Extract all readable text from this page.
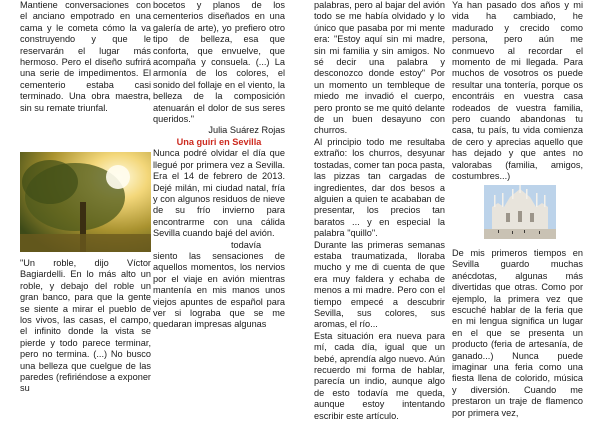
Mantiene conversaciones con el anciano empotrado en una cama y le cometa cómo la va construyendo y que le reservarán el lugar más hermoso. Pero el diseño sufrirá una serie de impedimentos. El cementerio estaba casi terminado. Una obra maestra, sin su remate triunfal.

"Un roble, dijo Víctor Bagiardelli. En lo más alto un roble, y debajo del roble un gran banco, para que la gente se siente a mirar el pueblo de los vivos, las casas, el campo, el infinito donde la vista se pierde y todo parece terminar, pero no termina. (...) No busco una belleza que cuelgue de las paredes (refiriéndose a exponer su

bocetos y planos de los cementerios diseñados en una galería de arte), yo prefiero otro tipo de belleza, esa que conforta, que envuelve, que acompaña y consuela. (...) La armonía de los colores, el sonido del follaje en el viento, la belleza de la composición atenuarán el dolor de sus seres queridos."

Julia Suárez Rojas

Una guiri en Sevilla

Nunca podré olvidar el día que llegué por primera vez a Sevilla. Era el 14 de febrero de 2013. Dejé milán, mi ciudad natal, fría y con algunos residuos de nieve de su frío invierno para encontrarme con una cálida Sevilla cuando bajé del avión.

todavía siento las sensaciones de aquellos momentos, los nervios por el viaje en avión mientras mantenía en mis manos unos viejos apuntes de español para ver si lograba que se me quedaran impresas algunas

palabras, pero al bajar del avión todo se me había olvidado y lo único que pasaba por mi mente era: "Estoy aquí sin mi madre, sin mi familia y sin amigos. No sé decir una palabra y desconozco donde estoy" Por un momento un tembleque de miedo me invadió el cuerpo, pero pronto se me quitó delante de un buen desayuno con churros.

Al principio todo me resultaba extraño: los churros, desyunar tostadas, comer tan poca pasta, las pizzas tan cargadas de ingredientes, dar dos besos a alguien a quien te acababan de presentar, los precios tan baratos ... y en especial la palabra "quillo".

Durante las primeras semanas estaba traumatizada, lloraba mucho y me di cuenta de que era muy faldera y echaba de menos a mi madre. Pero con el tiempo empecé a descubrir Sevilla, sus colores, sus aromas, el río...

Esta situación era nueva para mí, cada día, igual que un bebé, aprendía algo nuevo. Aún recuerdo mi forma de hablar, parecía un indio, aunque algo de esto todavía me queda, aunque estoy intentando escribir este artículo.

Ya han pasado dos años y mi vida ha cambiado, he madurado y crecido como persona, pero aún me conmuevo al recordar el momento de mi llegada. Para muchos de vosotros os puede resultar una tontería, porque os encontráis en vuestra casa rodeados de vuestra familia, pero cuando abandonas tu casa, tu país, tu vida comienza de cero y aprecias aquello que has dejado y que antes no valorabas (familia, amigos, costumbres...)

De mis primeros tiempos en Sevilla guardo muchas anécdotas, algunas más divertidas que otras. Como por ejemplo, la primera vez que escuché hablar de la feria que en mi lengua significa un lugar en el que se presenta un producto (feria de artesanía, de ganado...) Nunca puede imaginar una feria como una fiesta llena de colorido, música y diversión. Cuando me prestaron un traje de flamenco por primera vez,
